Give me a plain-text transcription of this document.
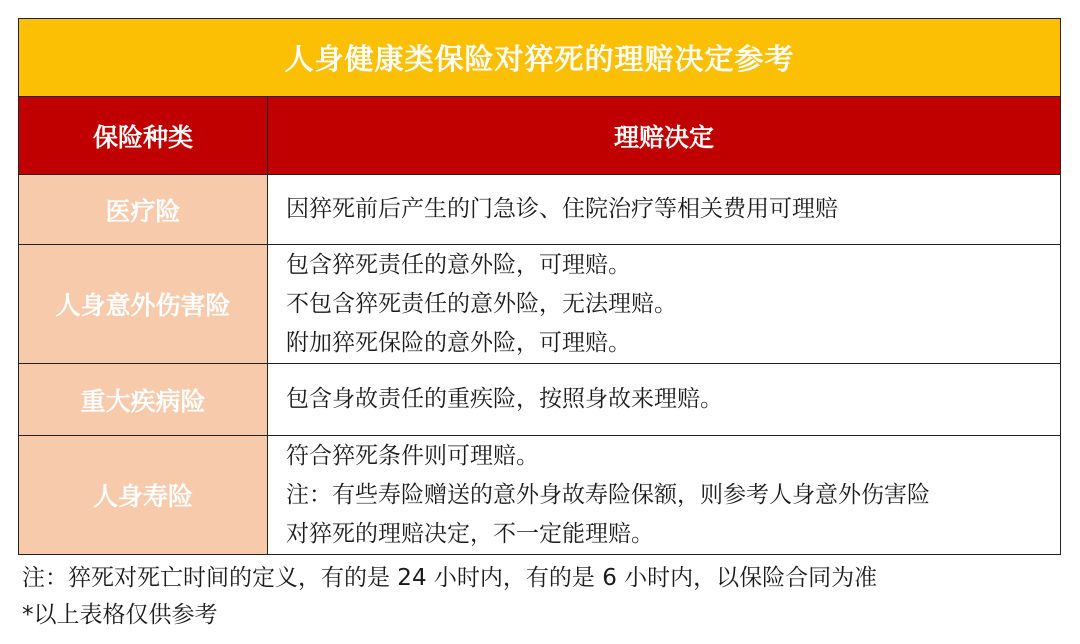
人身健康类保险对猝死的理赔决定参考	
保险种类	理赔决定
医疗险	因猝死前后产生的门急诊、住院治疗等相关费用可理赔

人身意外伤害险	包含猝死责任的意外险，可理赔。
不包含猝死责任的意外险，无法理赔。
附加猝死保险的意外险，可理赔。

重大疾病险	包含身故责任的重疾险，按照身故来理赔。

人身寿险	符合猝死条件则可理赔。
注：有些寿险赠送的意外身故寿险保额，则参考人身意外伤害险
对猝死的理赔决定，不一定能理赔。
注：猝死对死亡时间的定义，有的是 24 小时内，有的是 6 小时内，以保险合同为准
*以上表格仅供参考
